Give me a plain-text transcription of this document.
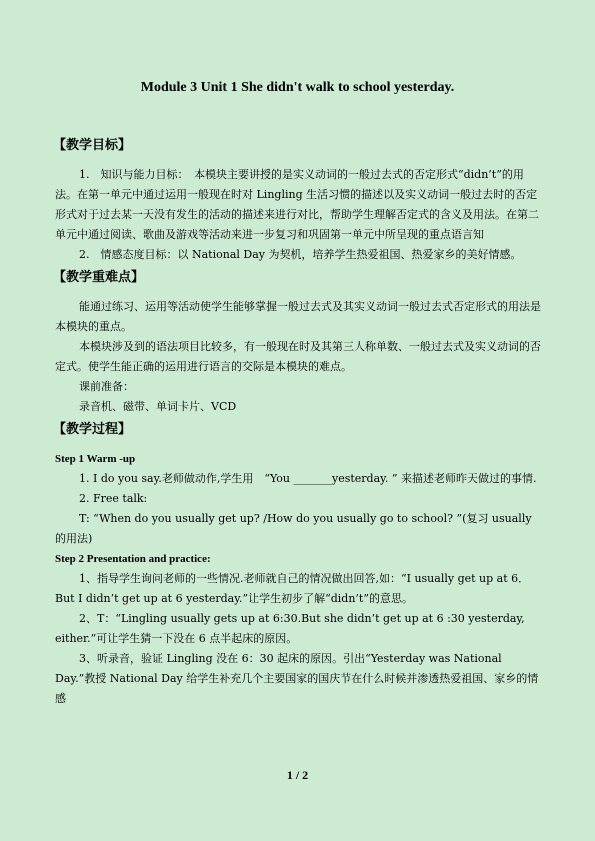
Module 3 Unit 1 She didn't walk to school yesterday.

【教学目标】

1.　知识与能力目标：　本模块主要讲授的是实义动词的一般过去式的否定形式“didn’t”的用法。在第一单元中通过运用一般现在时对 Lingling 生活习惯的描述以及实义动词一般过去时的否定形式对于过去某一天没有发生的活动的描述来进行对比，帮助学生理解否定式的含义及用法。在第二单元中通过阅读、歌曲及游戏等活动来进一步复习和巩固第一单元中所呈现的重点语言知

2.　情感态度目标：以 National Day 为契机，培养学生热爱祖国、热爱家乡的美好情感。

【教学重难点】

能通过练习、运用等活动使学生能够掌握一般过去式及其实义动词一般过去式否定形式的用法是本模块的重点。

本模块涉及到的语法项目比较多，有一般现在时及其第三人称单数、一般过去式及实义动词的否定式。使学生能正确的运用进行语言的交际是本模块的难点。

课前准备：

录音机、磁带、单词卡片、VCD

【教学过程】

Step 1 Warm -up

1. I do you say.老师做动作,学生用　“You _______yesterday. ” 来描述老师昨天做过的事情.

2. Free talk:

T: “When do you usually get up? /How do you usually go to school? ”(复习 usually　的用法)

Step 2 Presentation and practice:

1、指导学生询问老师的一些情况.老师就自己的情况做出回答,如：“I usually get up at 6．But I didn’t get up at 6 yesterday.”让学生初步了解“didn’t”的意思。

2、T：“Lingling usually gets up at 6:30.But she didn’t get up at 6 :30 yesterday, either.”可让学生猜一下没在 6 点半起床的原因。

3、听录音，验证 Lingling 没在 6：30 起床的原因。引出“Yesterday was National Day.”教授 National Day 给学生补充几个主要国家的国庆节在什么时候并渗透热爱祖国、家乡的情感

1 / 2
